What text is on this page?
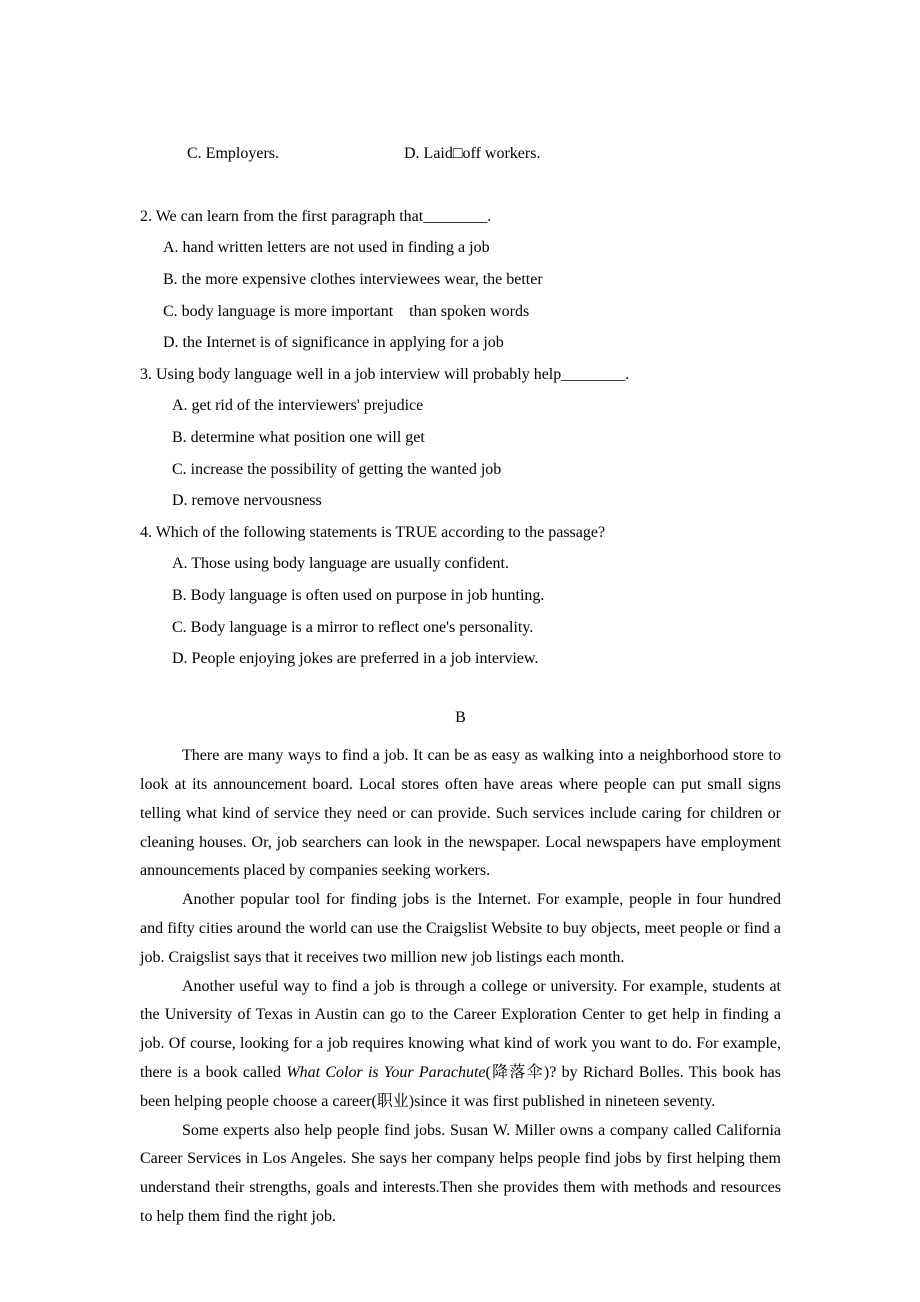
C. Employers.	D. Laid□off workers.

2. We can learn from the first paragraph that________.
A. hand written letters are not used in finding a job
B. the more expensive clothes interviewees wear, the better
C. body language is more important    than spoken words
D. the Internet is of significance in applying for a job
3. Using body language well in a job interview will probably help________.
A. get rid of the interviewers' prejudice
B. determine what position one will get
C. increase the possibility of getting the wanted job
D. remove nervousness
4. Which of the following statements is TRUE according to the passage?
A. Those using body language are usually confident.
B. Body language is often used on purpose in job hunting.
C. Body language is a mirror to reflect one's personality.
D. People enjoying jokes are preferred in a job interview.
B

There are many ways to find a job. It can be as easy as walking into a neighborhood store to look at its announcement board. Local stores often have areas where people can put small signs telling what kind of service they need or can provide. Such services include caring for children or cleaning houses. Or, job searchers can look in the newspaper. Local newspapers have employment announcements placed by companies seeking workers.

Another popular tool for finding jobs is the Internet. For example, people in four hundred and fifty cities around the world can use the Craigslist Website to buy objects, meet people or find a job. Craigslist says that it receives two million new job listings each month.

Another useful way to find a job is through a college or university. For example, students at the University of Texas in Austin can go to the Career Exploration Center to get help in finding a job. Of course, looking for a job requires knowing what kind of work you want to do. For example, there is a book called What Color is Your Parachute(降落伞)? by Richard Bolles. This book has been helping people choose a career(职业)since it was first published in nineteen seventy.

Some experts also help people find jobs. Susan W. Miller owns a company called California Career Services in Los Angeles. She says her company helps people find jobs by first helping them understand their strengths, goals and interests.Then she provides them with methods and resources to help them find the right job.
